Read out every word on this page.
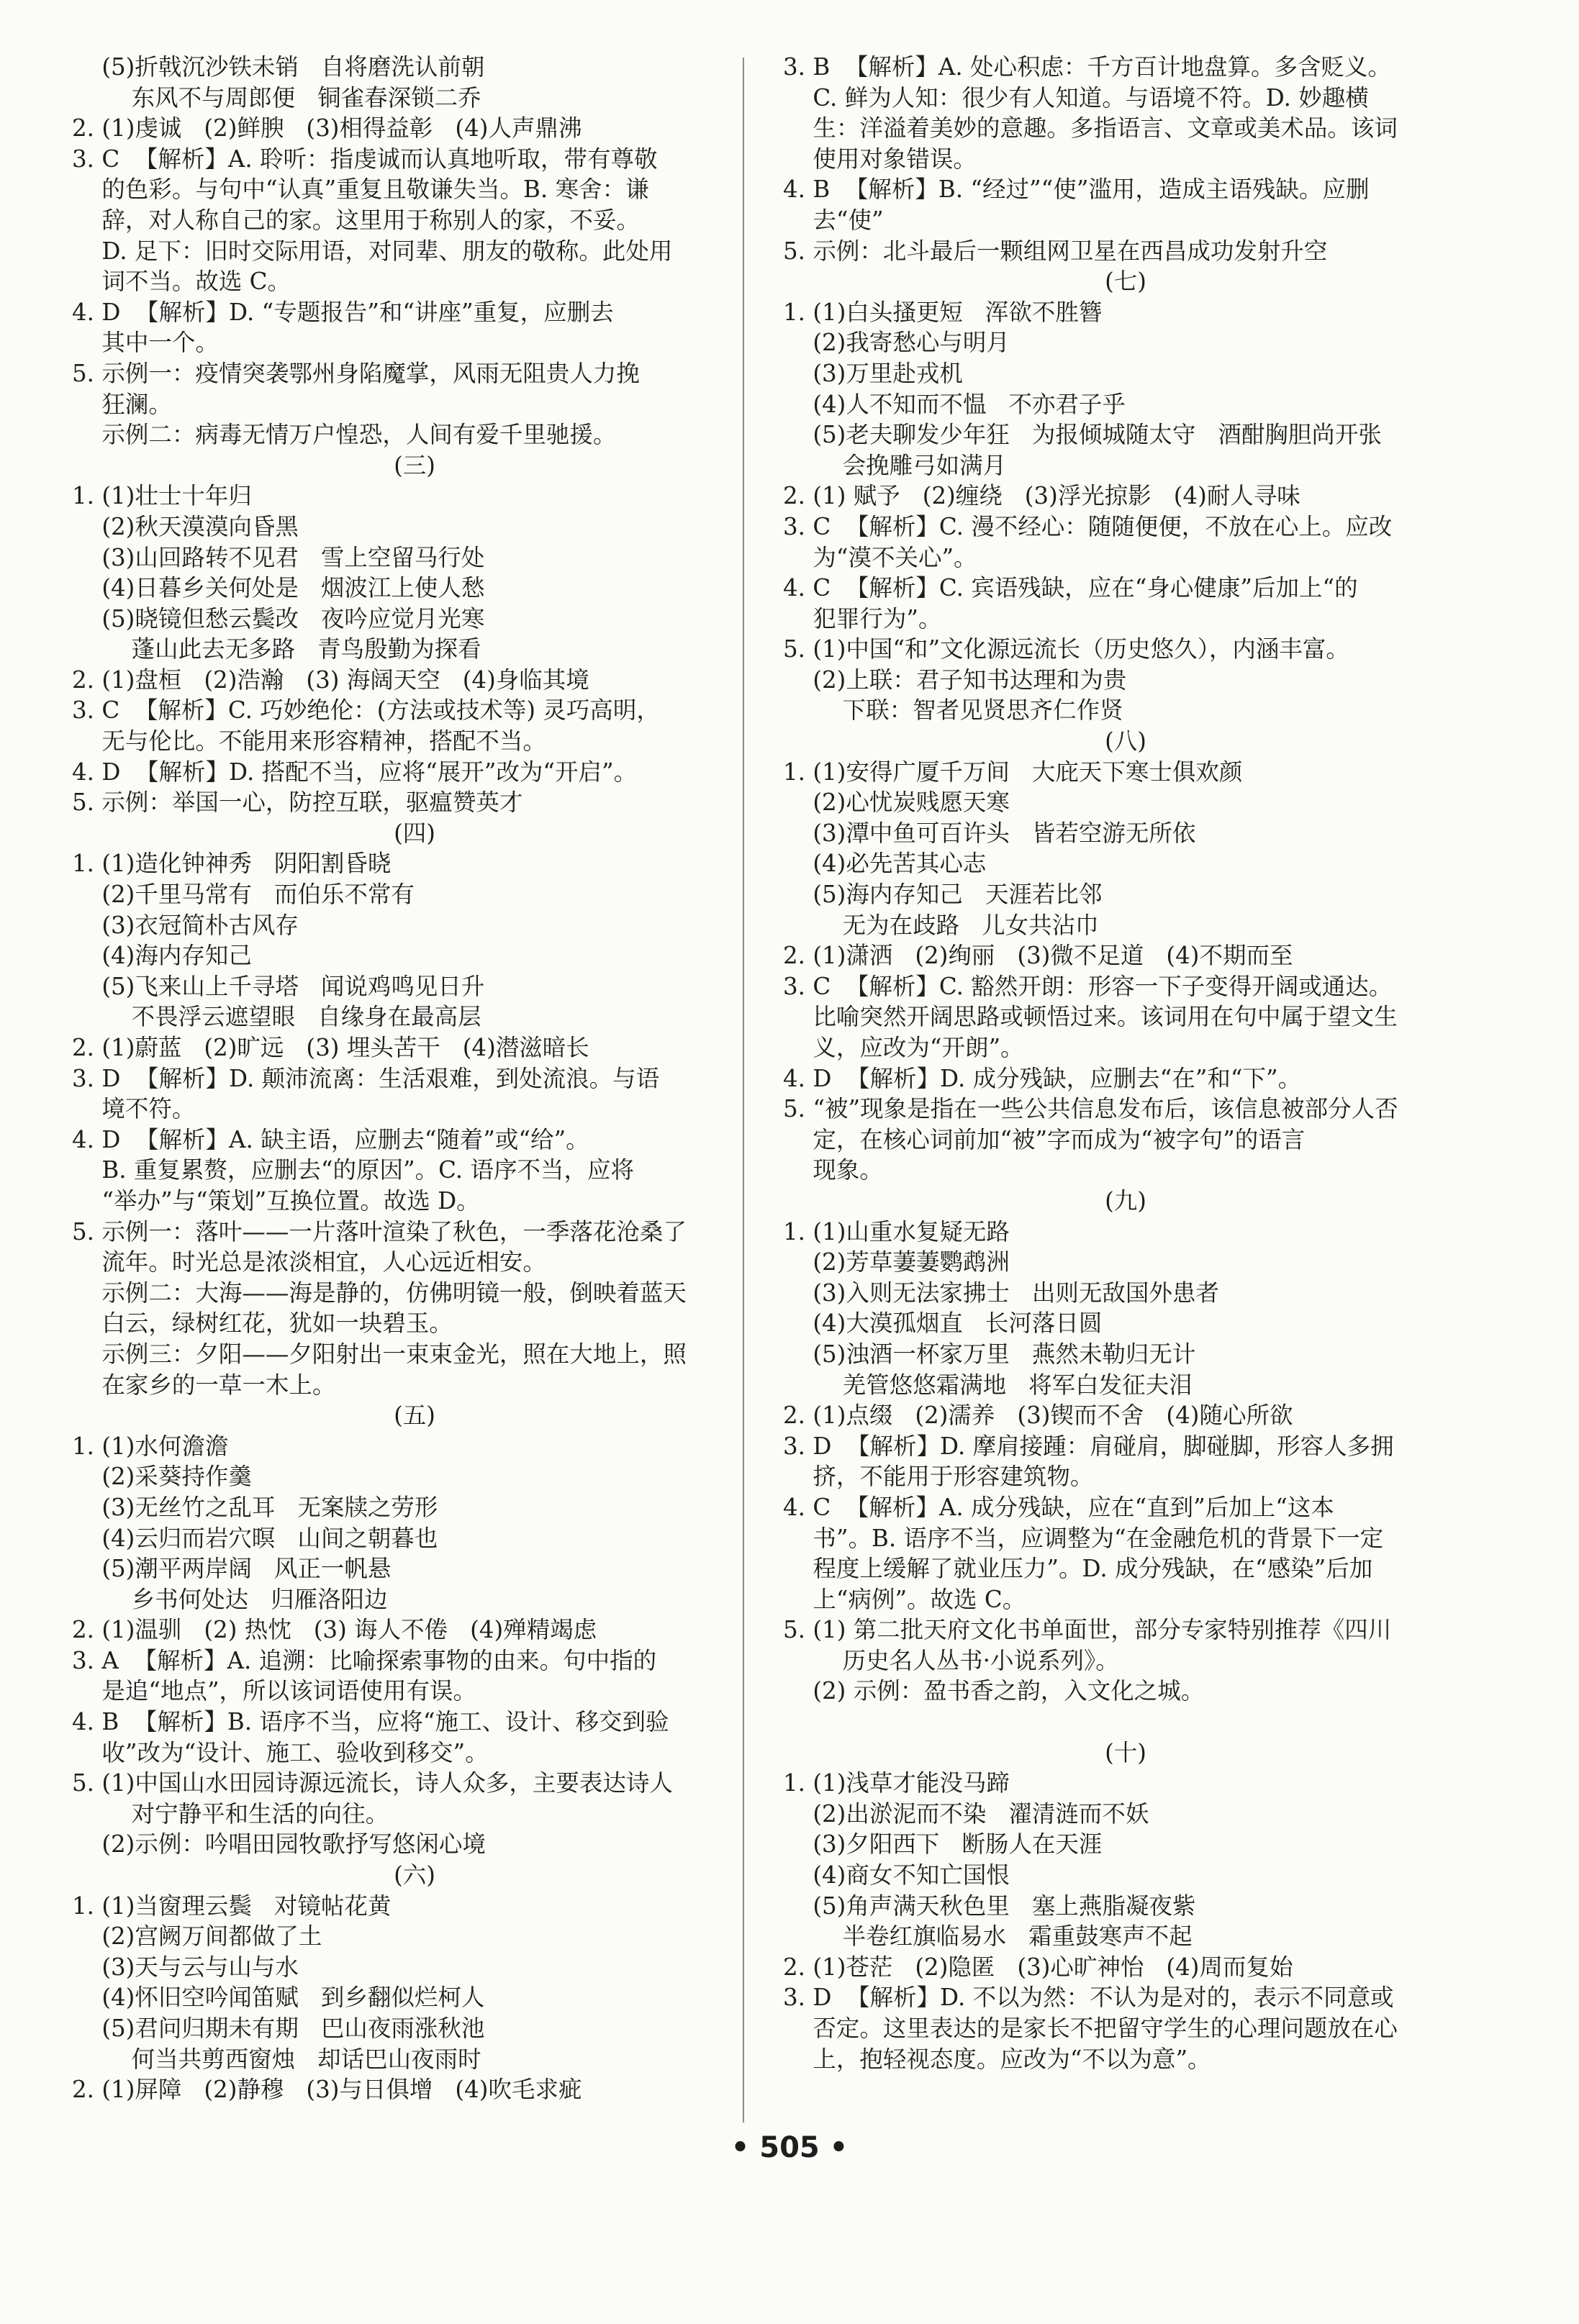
(5)折戟沉沙铁未销   自将磨洗认前朝
东风不与周郎便   铜雀春深锁二乔
2. (1)虔诚   (2)鲜腴   (3)相得益彰   (4)人声鼎沸
3. C  【解析】A. 聆听：指虔诚而认真地听取，带有尊敬
的色彩。与句中“认真”重复且敬谦失当。B. 寒舍：谦
辞，对人称自己的家。这里用于称别人的家，不妥。
D. 足下：旧时交际用语，对同辈、朋友的敬称。此处用
词不当。故选 C。
4. D  【解析】D. “专题报告”和“讲座”重复，应删去
其中一个。
5. 示例一：疫情突袭鄂州身陷魔掌，风雨无阻贵人力挽
狂澜。
示例二：病毒无情万户惶恐，人间有爱千里驰援。
(三)
1. (1)壮士十年归
(2)秋天漠漠向昏黑
(3)山回路转不见君   雪上空留马行处
(4)日暮乡关何处是   烟波江上使人愁
(5)晓镜但愁云鬓改   夜吟应觉月光寒
蓬山此去无多路   青鸟殷勤为探看
2. (1)盘桓   (2)浩瀚   (3) 海阔天空   (4)身临其境
3. C  【解析】C. 巧妙绝伦：(方法或技术等) 灵巧高明，
无与伦比。不能用来形容精神，搭配不当。
4. D  【解析】D. 搭配不当，应将“展开”改为“开启”。
5. 示例：举国一心，防控互联，驱瘟赞英才
(四)
1. (1)造化钟神秀   阴阳割昏晓
(2)千里马常有   而伯乐不常有
(3)衣冠简朴古风存
(4)海内存知己
(5)飞来山上千寻塔   闻说鸡鸣见日升
不畏浮云遮望眼   自缘身在最高层
2. (1)蔚蓝   (2)旷远   (3) 埋头苦干   (4)潜滋暗长
3. D  【解析】D. 颠沛流离：生活艰难，到处流浪。与语
境不符。
4. D  【解析】A. 缺主语，应删去“随着”或“给”。
B. 重复累赘，应删去“的原因”。C. 语序不当，应将
“举办”与“策划”互换位置。故选 D。
5. 示例一：落叶——一片落叶渲染了秋色，一季落花沧桑了
流年。时光总是浓淡相宜，人心远近相安。
示例二：大海——海是静的，仿佛明镜一般，倒映着蓝天
白云，绿树红花，犹如一块碧玉。
示例三：夕阳——夕阳射出一束束金光，照在大地上，照
在家乡的一草一木上。
(五)
1. (1)水何澹澹
(2)采葵持作羹
(3)无丝竹之乱耳   无案牍之劳形
(4)云归而岩穴暝   山间之朝暮也
(5)潮平两岸阔   风正一帆悬
乡书何处达   归雁洛阳边
2. (1)温驯   (2) 热忱   (3) 诲人不倦   (4)殚精竭虑
3. A  【解析】A. 追溯：比喻探索事物的由来。句中指的
是追“地点”，所以该词语使用有误。
4. B  【解析】B. 语序不当，应将“施工、设计、移交到验
收”改为“设计、施工、验收到移交”。
5. (1)中国山水田园诗源远流长，诗人众多，主要表达诗人
对宁静平和生活的向往。
(2)示例：吟唱田园牧歌抒写悠闲心境
(六)
1. (1)当窗理云鬓   对镜帖花黄
(2)宫阙万间都做了土
(3)天与云与山与水
(4)怀旧空吟闻笛赋   到乡翻似烂柯人
(5)君问归期未有期   巴山夜雨涨秋池
何当共剪西窗烛   却话巴山夜雨时
2. (1)屏障   (2)静穆   (3)与日俱增   (4)吹毛求疵
3. B  【解析】A. 处心积虑：千方百计地盘算。多含贬义。
C. 鲜为人知：很少有人知道。与语境不符。D. 妙趣横
生：洋溢着美妙的意趣。多指语言、文章或美术品。该词
使用对象错误。
4. B  【解析】B. “经过”“使”滥用，造成主语残缺。应删
去“使”
5. 示例：北斗最后一颗组网卫星在西昌成功发射升空
(七)
1. (1)白头搔更短   浑欲不胜簪
(2)我寄愁心与明月
(3)万里赴戎机
(4)人不知而不愠   不亦君子乎
(5)老夫聊发少年狂   为报倾城随太守   酒酣胸胆尚开张
会挽雕弓如满月
2. (1) 赋予   (2)缠绕   (3)浮光掠影   (4)耐人寻味
3. C  【解析】C. 漫不经心：随随便便，不放在心上。应改
为“漠不关心”。
4. C  【解析】C. 宾语残缺，应在“身心健康”后加上“的
犯罪行为”。
5. (1)中国“和”文化源远流长（历史悠久），内涵丰富。
(2)上联：君子知书达理和为贵
下联：智者见贤思齐仁作贤
(八)
1. (1)安得广厦千万间   大庇天下寒士俱欢颜
(2)心忧炭贱愿天寒
(3)潭中鱼可百许头   皆若空游无所依
(4)必先苦其心志
(5)海内存知己   天涯若比邻
无为在歧路   儿女共沾巾
2. (1)潇洒   (2)绚丽   (3)微不足道   (4)不期而至
3. C  【解析】C. 豁然开朗：形容一下子变得开阔或通达。
比喻突然开阔思路或顿悟过来。该词用在句中属于望文生
义，应改为“开朗”。
4. D  【解析】D. 成分残缺，应删去“在”和“下”。
5. “被”现象是指在一些公共信息发布后，该信息被部分人否
定，在核心词前加“被”字而成为“被字句”的语言
现象。
(九)
1. (1)山重水复疑无路
(2)芳草萋萋鹦鹉洲
(3)入则无法家拂士   出则无敌国外患者
(4)大漠孤烟直   长河落日圆
(5)浊酒一杯家万里   燕然未勒归无计
羌管悠悠霜满地   将军白发征夫泪
2. (1)点缀   (2)濡养   (3)锲而不舍   (4)随心所欲
3. D  【解析】D. 摩肩接踵：肩碰肩，脚碰脚，形容人多拥
挤，不能用于形容建筑物。
4. C  【解析】A. 成分残缺，应在“直到”后加上“这本
书”。B. 语序不当，应调整为“在金融危机的背景下一定
程度上缓解了就业压力”。D. 成分残缺，在“感染”后加
上“病例”。故选 C。
5. (1) 第二批天府文化书单面世，部分专家特别推荐《四川
历史名人丛书·小说系列》。
(2) 示例：盈书香之韵，入文化之城。
(十)
1. (1)浅草才能没马蹄
(2)出淤泥而不染   濯清涟而不妖
(3)夕阳西下   断肠人在天涯
(4)商女不知亡国恨
(5)角声满天秋色里   塞上燕脂凝夜紫
半卷红旗临易水   霜重鼓寒声不起
2. (1)苍茫   (2)隐匿   (3)心旷神怡   (4)周而复始
3. D  【解析】D. 不以为然：不认为是对的，表示不同意或
否定。这里表达的是家长不把留守学生的心理问题放在心
上，抱轻视态度。应改为“不以为意”。
• 505 •
